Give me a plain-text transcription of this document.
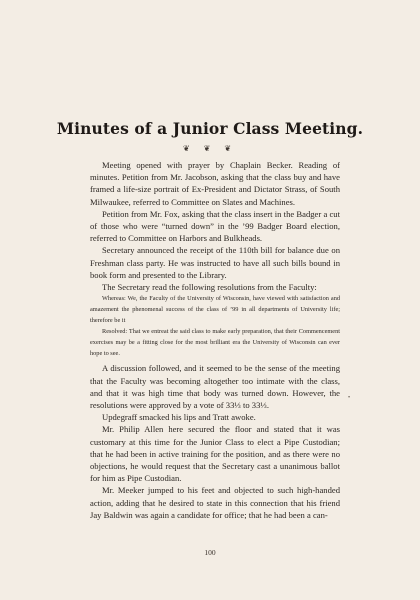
Minutes of a Junior Class Meeting.
❦ ❦ ❦

Meeting opened with prayer by Chaplain Becker. Reading of minutes. Petition from Mr. Jacobson, asking that the class buy and have framed a life-size portrait of Ex-President and Dictator Strass, of South Milwaukee, referred to Committee on Slates and Machines.

Petition from Mr. Fox, asking that the class insert in the Badger a cut of those who were “turned down” in the ’99 Badger Board election, referred to Committee on Harbors and Bulkheads.

Secretary announced the receipt of the 110th bill for balance due on Freshman class party. He was instructed to have all such bills bound in book form and presented to the Library.

The Secretary read the following resolutions from the Faculty:

Whereas: We, the Faculty of the University of Wisconsin, have viewed with satisfaction and amazement the phenomenal success of the class of ’99 in all departments of University life; therefore be it

Resolved: That we entreat the said class to make early preparation, that their Commencement exercises may be a fitting close for the most brilliant era the University of Wisconsin can ever hope to see.

A discussion followed, and it seemed to be the sense of the meeting that the Faculty was becoming altogether too intimate with the class, and that it was high time that body was turned down. However, the resolutions were approved by a vote of 33⅓ to 33⅓.

Updegraff smacked his lips and Tratt awoke.

Mr. Philip Allen here secured the floor and stated that it was customary at this time for the Junior Class to elect a Pipe Custodian; that he had been in active training for the position, and as there were no objections, he would request that the Secretary cast a unanimous ballot for him as Pipe Custodian.

Mr. Meeker jumped to his feet and objected to such high-handed action, adding that he desired to state in this connection that his friend Jay Baldwin was again a candidate for office; that he had been a can-

•
100
